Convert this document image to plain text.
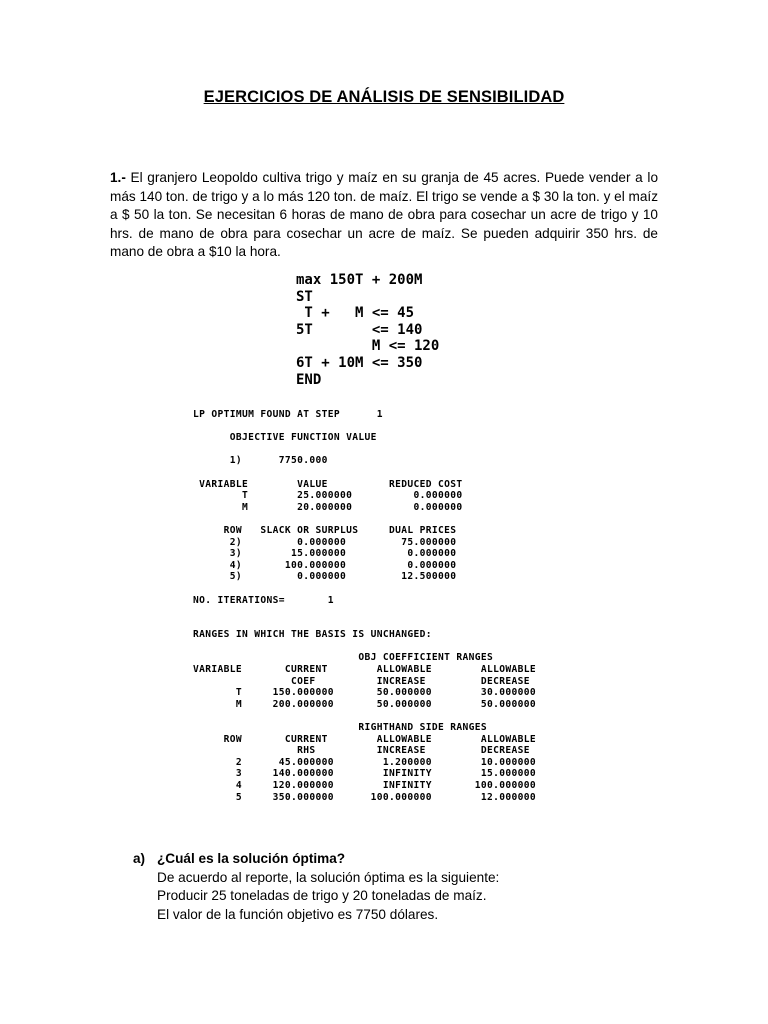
EJERCICIOS DE ANÁLISIS DE SENSIBILIDAD
1.- El granjero Leopoldo cultiva trigo y maíz en su granja de 45 acres. Puede vender a lo más 140 ton. de trigo y a lo más 120 ton. de maíz. El trigo se vende a $ 30 la ton. y el maíz a $ 50 la ton. Se necesitan 6 horas de mano de obra para cosechar un acre de trigo y 10 hrs. de mano de obra para cosechar un acre de maíz. Se pueden adquirir 350 hrs. de mano de obra a $10 la hora.
max 150T + 200M
ST
T +   M <= 45
5T       <= 140
M <= 120
6T + 10M <= 350
END
LP OPTIMUM FOUND AT STEP      1

OBJECTIVE FUNCTION VALUE

1)      7750.000

VARIABLE        VALUE          REDUCED COST
T        25.000000          0.000000
M        20.000000          0.000000

ROW   SLACK OR SURPLUS     DUAL PRICES
2)         0.000000         75.000000
3)        15.000000          0.000000
4)       100.000000          0.000000
5)         0.000000         12.500000

NO. ITERATIONS=       1

RANGES IN WHICH THE BASIS IS UNCHANGED:

OBJ COEFFICIENT RANGES
VARIABLE       CURRENT        ALLOWABLE        ALLOWABLE
COEF          INCREASE         DECREASE
T     150.000000       50.000000        30.000000
M     200.000000       50.000000        50.000000

RIGHTHAND SIDE RANGES
ROW       CURRENT        ALLOWABLE        ALLOWABLE
RHS          INCREASE         DECREASE
2      45.000000        1.200000        10.000000
3     140.000000        INFINITY        15.000000
4     120.000000        INFINITY       100.000000
5     350.000000      100.000000        12.000000
a) ¿Cuál es la solución óptima?
De acuerdo al reporte, la solución óptima es la siguiente:
Producir 25 toneladas de trigo y 20 toneladas de maíz.
El valor de la función objetivo es 7750 dólares.
